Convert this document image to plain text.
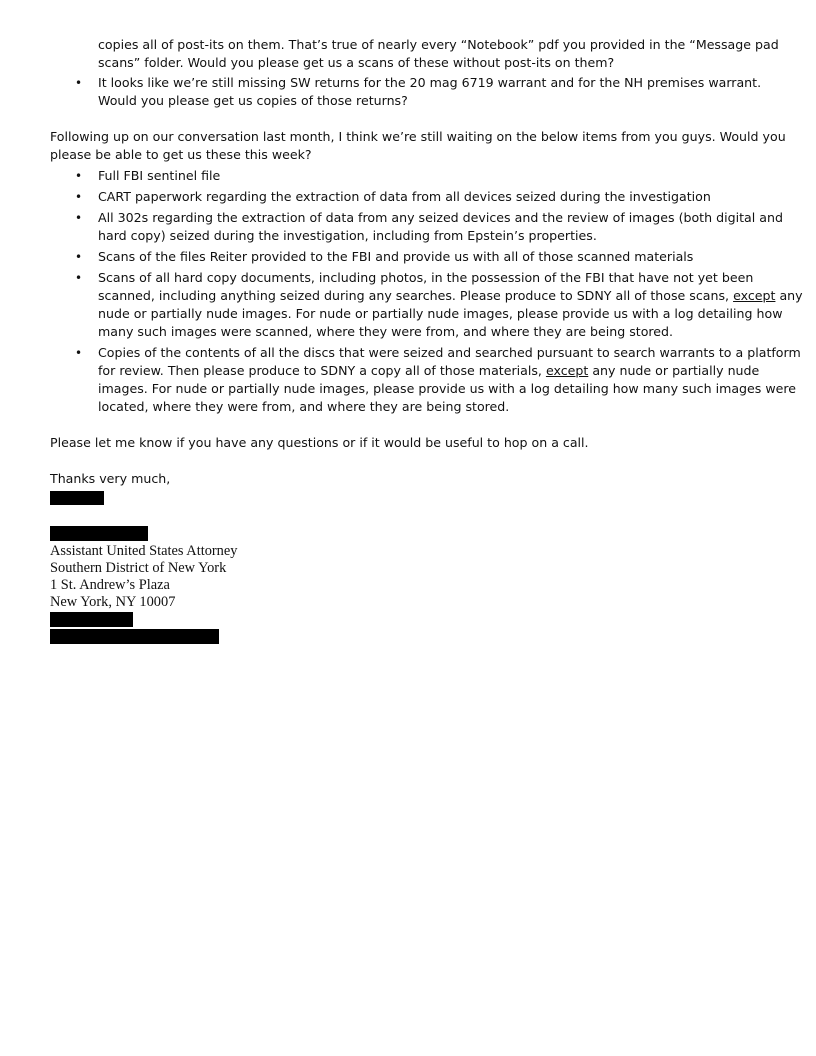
copies all of post-its on them. That’s true of nearly every “Notebook” pdf you provided in the “Message pad
scans” folder. Would you please get us a scans of these without post-its on them?
• It looks like we’re still missing SW returns for the 20 mag 6719 warrant and for the NH premises warrant.
Would you please get us copies of those returns?
Following up on our conversation last month, I think we’re still waiting on the below items from you guys. Would you
please be able to get us these this week?
• Full FBI sentinel file
• CART paperwork regarding the extraction of data from all devices seized during the investigation
• All 302s regarding the extraction of data from any seized devices and the review of images (both digital and
hard copy) seized during the investigation, including from Epstein’s properties.
• Scans of the files Reiter provided to the FBI and provide us with all of those scanned materials
• Scans of all hard copy documents, including photos, in the possession of the FBI that have not yet been
scanned, including anything seized during any searches. Please produce to SDNY all of those scans, except any
nude or partially nude images. For nude or partially nude images, please provide us with a log detailing how
many such images were scanned, where they were from, and where they are being stored.
• Copies of the contents of all the discs that were seized and searched pursuant to search warrants to a platform
for review. Then please produce to SDNY a copy all of those materials, except any nude or partially nude
images. For nude or partially nude images, please provide us with a log detailing how many such images were
located, where they were from, and where they are being stored.
Please let me know if you have any questions or if it would be useful to hop on a call.
Thanks very much,
Assistant United States Attorney
Southern District of New York
1 St. Andrew’s Plaza
New York, NY 10007
